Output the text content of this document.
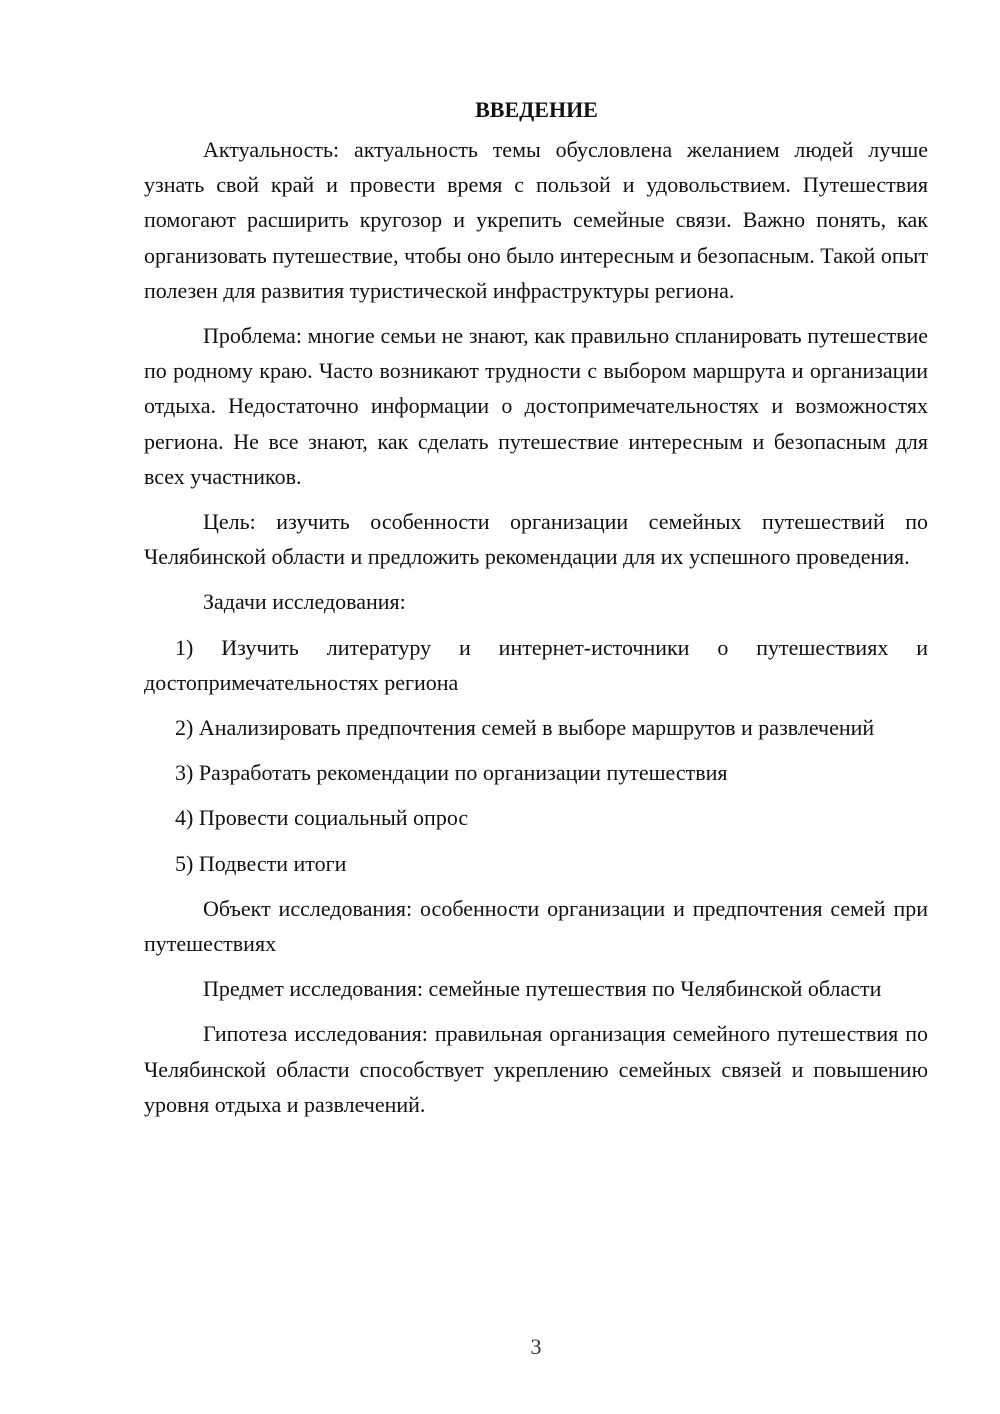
ВВЕДЕНИЕ

Актуальность: актуальность темы обусловлена желанием людей лучше узнать свой край и провести время с пользой и удовольствием. Путешествия помогают расширить кругозор и укрепить семейные связи. Важно понять, как организовать путешествие, чтобы оно было интересным и безопасным. Такой опыт полезен для развития туристической инфраструктуры региона.

Проблема: многие семьи не знают, как правильно спланировать путешествие по родному краю. Часто возникают трудности с выбором маршрута и организации отдыха. Недостаточно информации о достопримечательностях и возможностях региона. Не все знают, как сделать путешествие интересным и безопасным для всех участников.

Цель: изучить особенности организации семейных путешествий по Челябинской области и предложить рекомендации для их успешного проведения.

Задачи исследования:

1) Изучить литературу и интернет-источники о путешествиях и достопримечательностях региона

2) Анализировать предпочтения семей в выборе маршрутов и развлечений

3) Разработать рекомендации по организации путешествия

4) Провести социальный опрос

5) Подвести итоги

Объект исследования: особенности организации и предпочтения семей при путешествиях

Предмет исследования: семейные путешествия по Челябинской области

Гипотеза исследования: правильная организация семейного путешествия по Челябинской области способствует укреплению семейных связей и повышению уровня отдыха и развлечений.

3
